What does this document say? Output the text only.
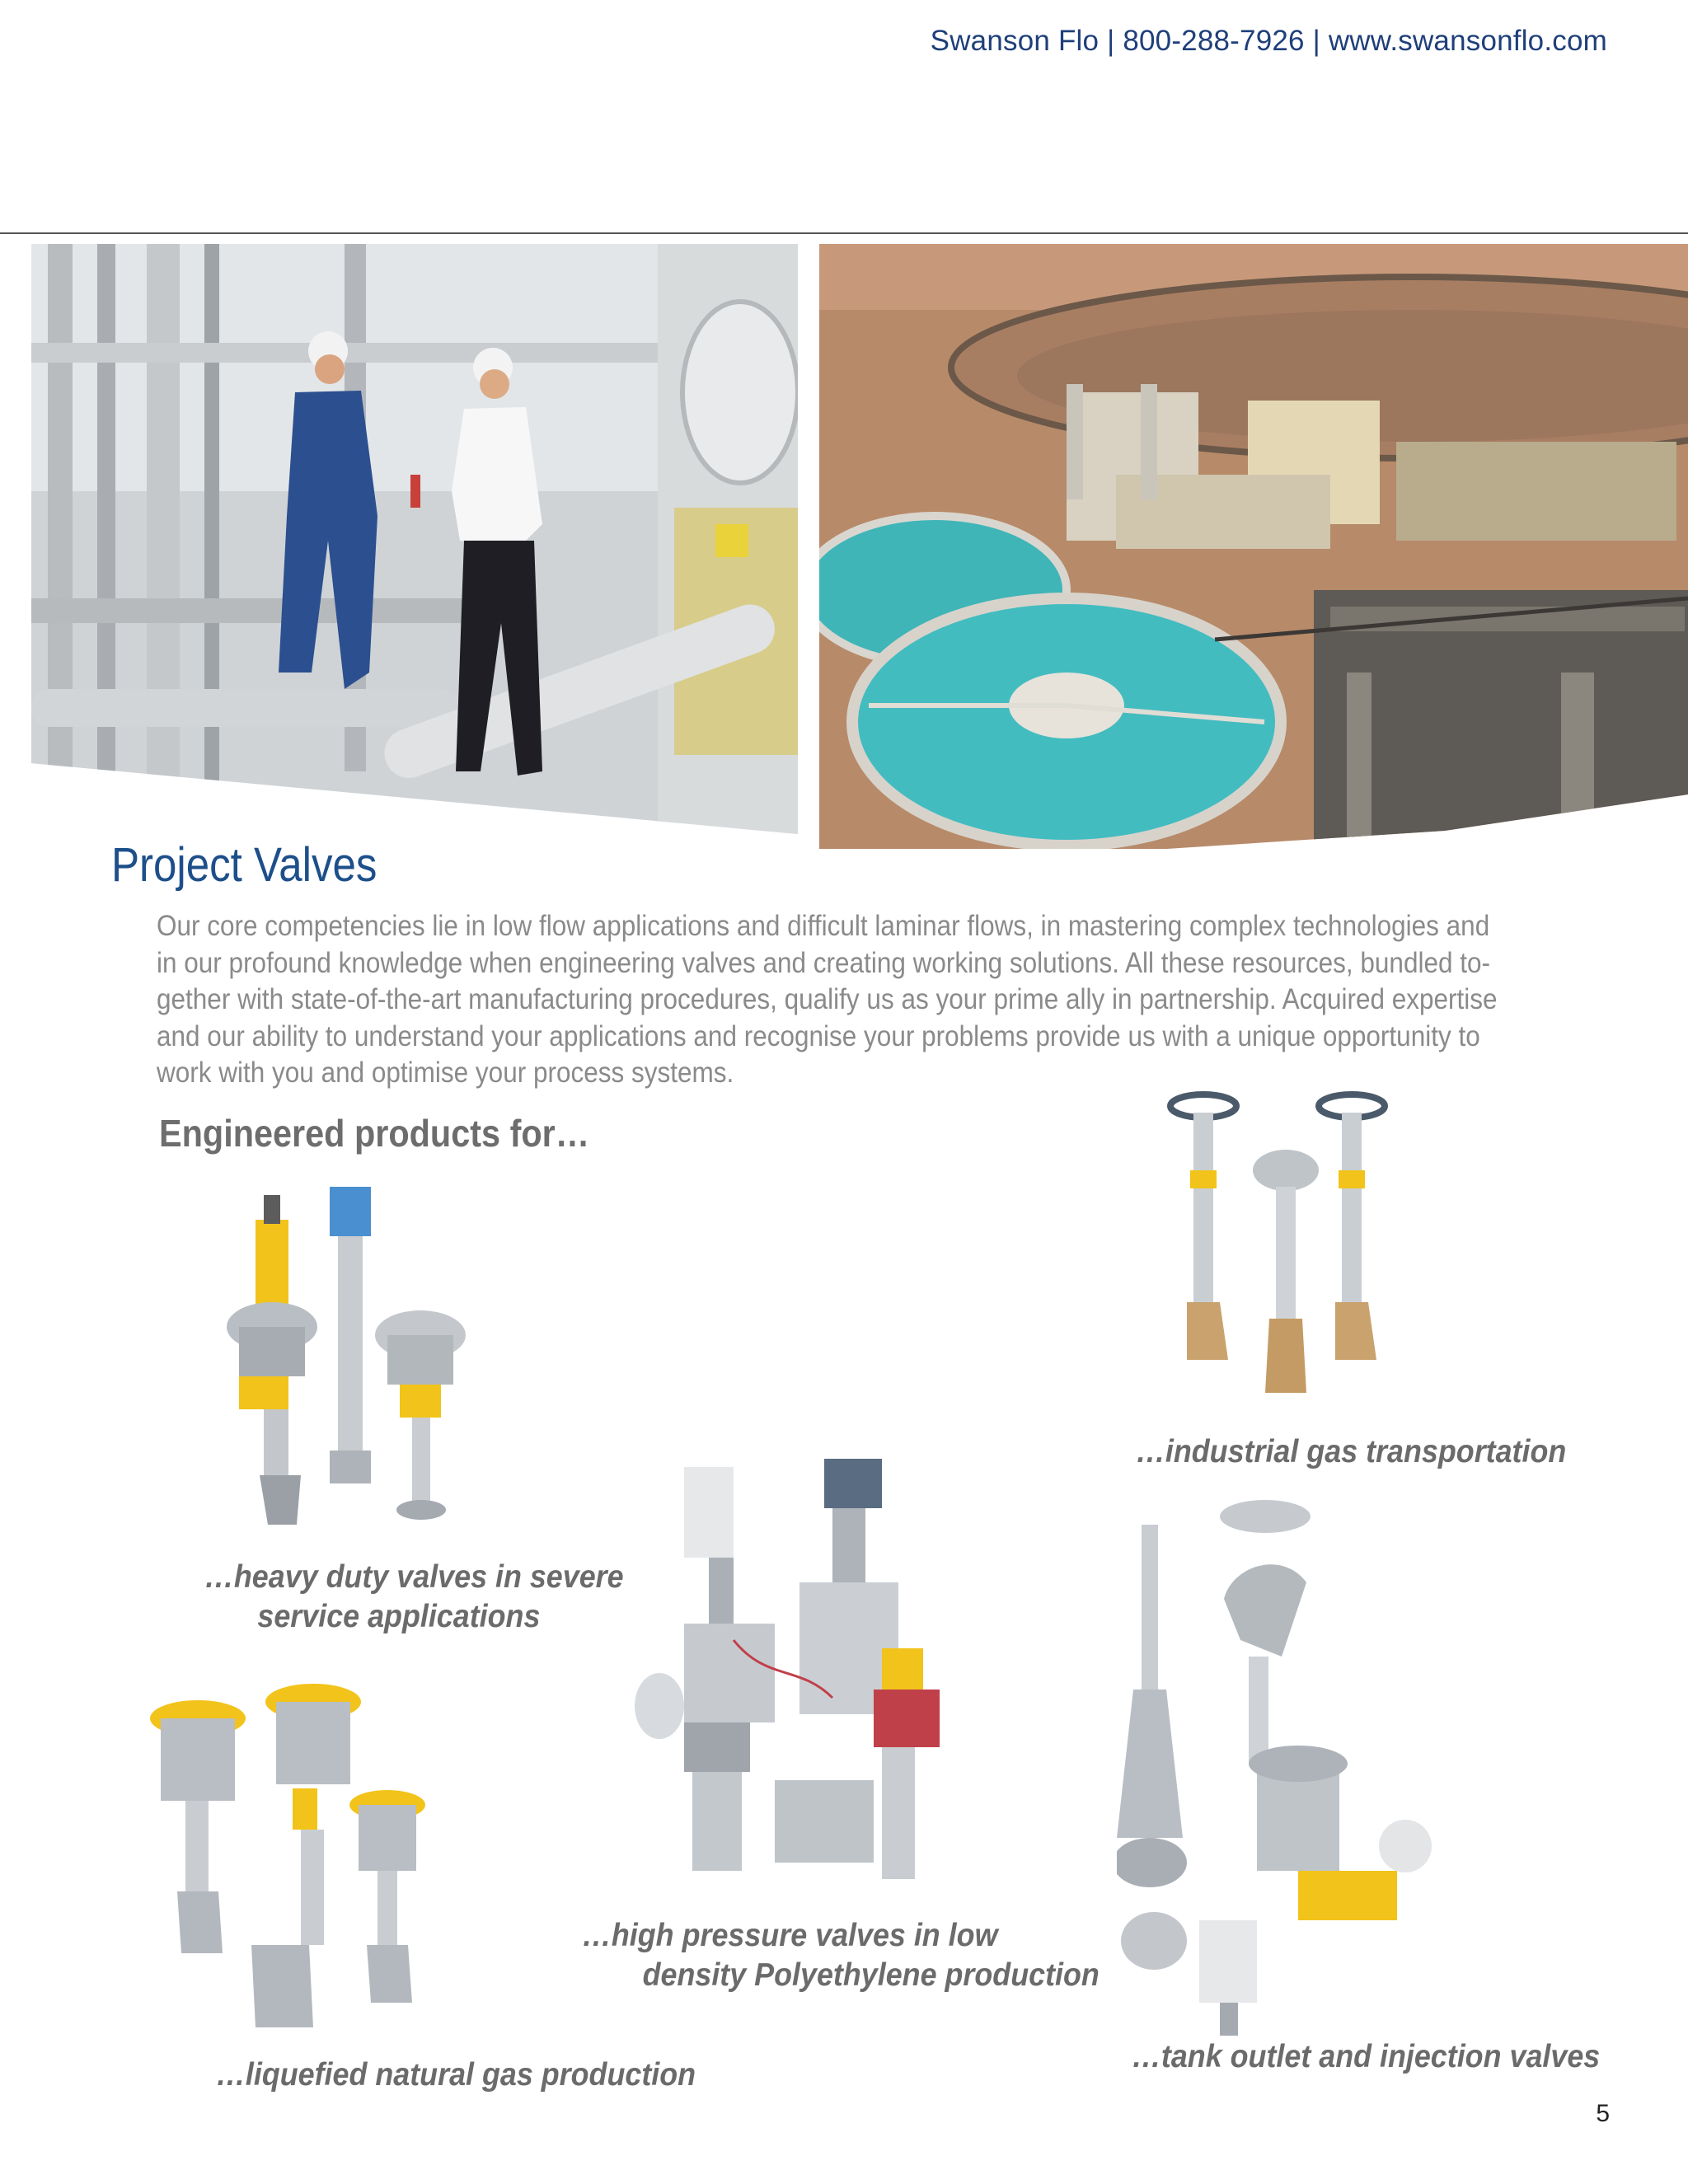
Swanson Flo | 800-288-7926 | www.swansonflo.com
Project Valves
Our core competencies lie in low flow applications and difficult laminar flows, in mastering complex technologies and
in our profound knowledge when engineering valves and creating working solutions. All these resources, bundled to-
gether with state-of-the-art manufacturing procedures, qualify us as your prime ally in partnership. Acquired expertise
and our ability to understand your applications and recognise your problems provide us with a unique opportunity to
work with you and optimise your process systems.
Engineered products for…
…heavy duty valves in severe
service applications
…industrial gas transportation
…high pressure valves in low
density Polyethylene production
…liquefied natural gas production
…tank outlet and injection valves
5
